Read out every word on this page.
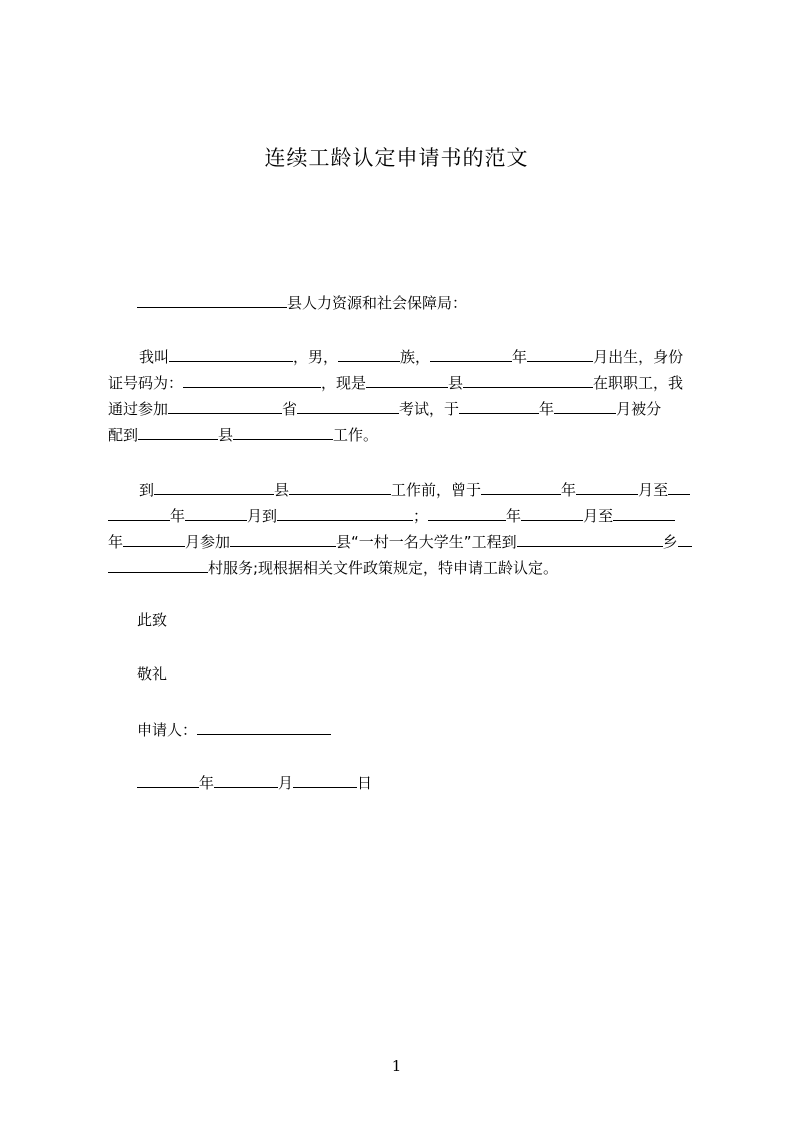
连续工龄认定申请书的范文
县人力资源和社会保障局：
我叫	，男，	族，	年	月出生，身份
证号码为：	，现是	县	在职职工，我
通过参加	省	考试，于	年	月被分
配到	县	工作。
到	县	工作前，曾于	年	月至
年	月到	；	年	月至
年	月参加	县“一村一名大学生”工程到	乡
村服务;现根据相关文件政策规定，特申请工龄认定。
此致
敬礼
申请人：
年	月	日
1
